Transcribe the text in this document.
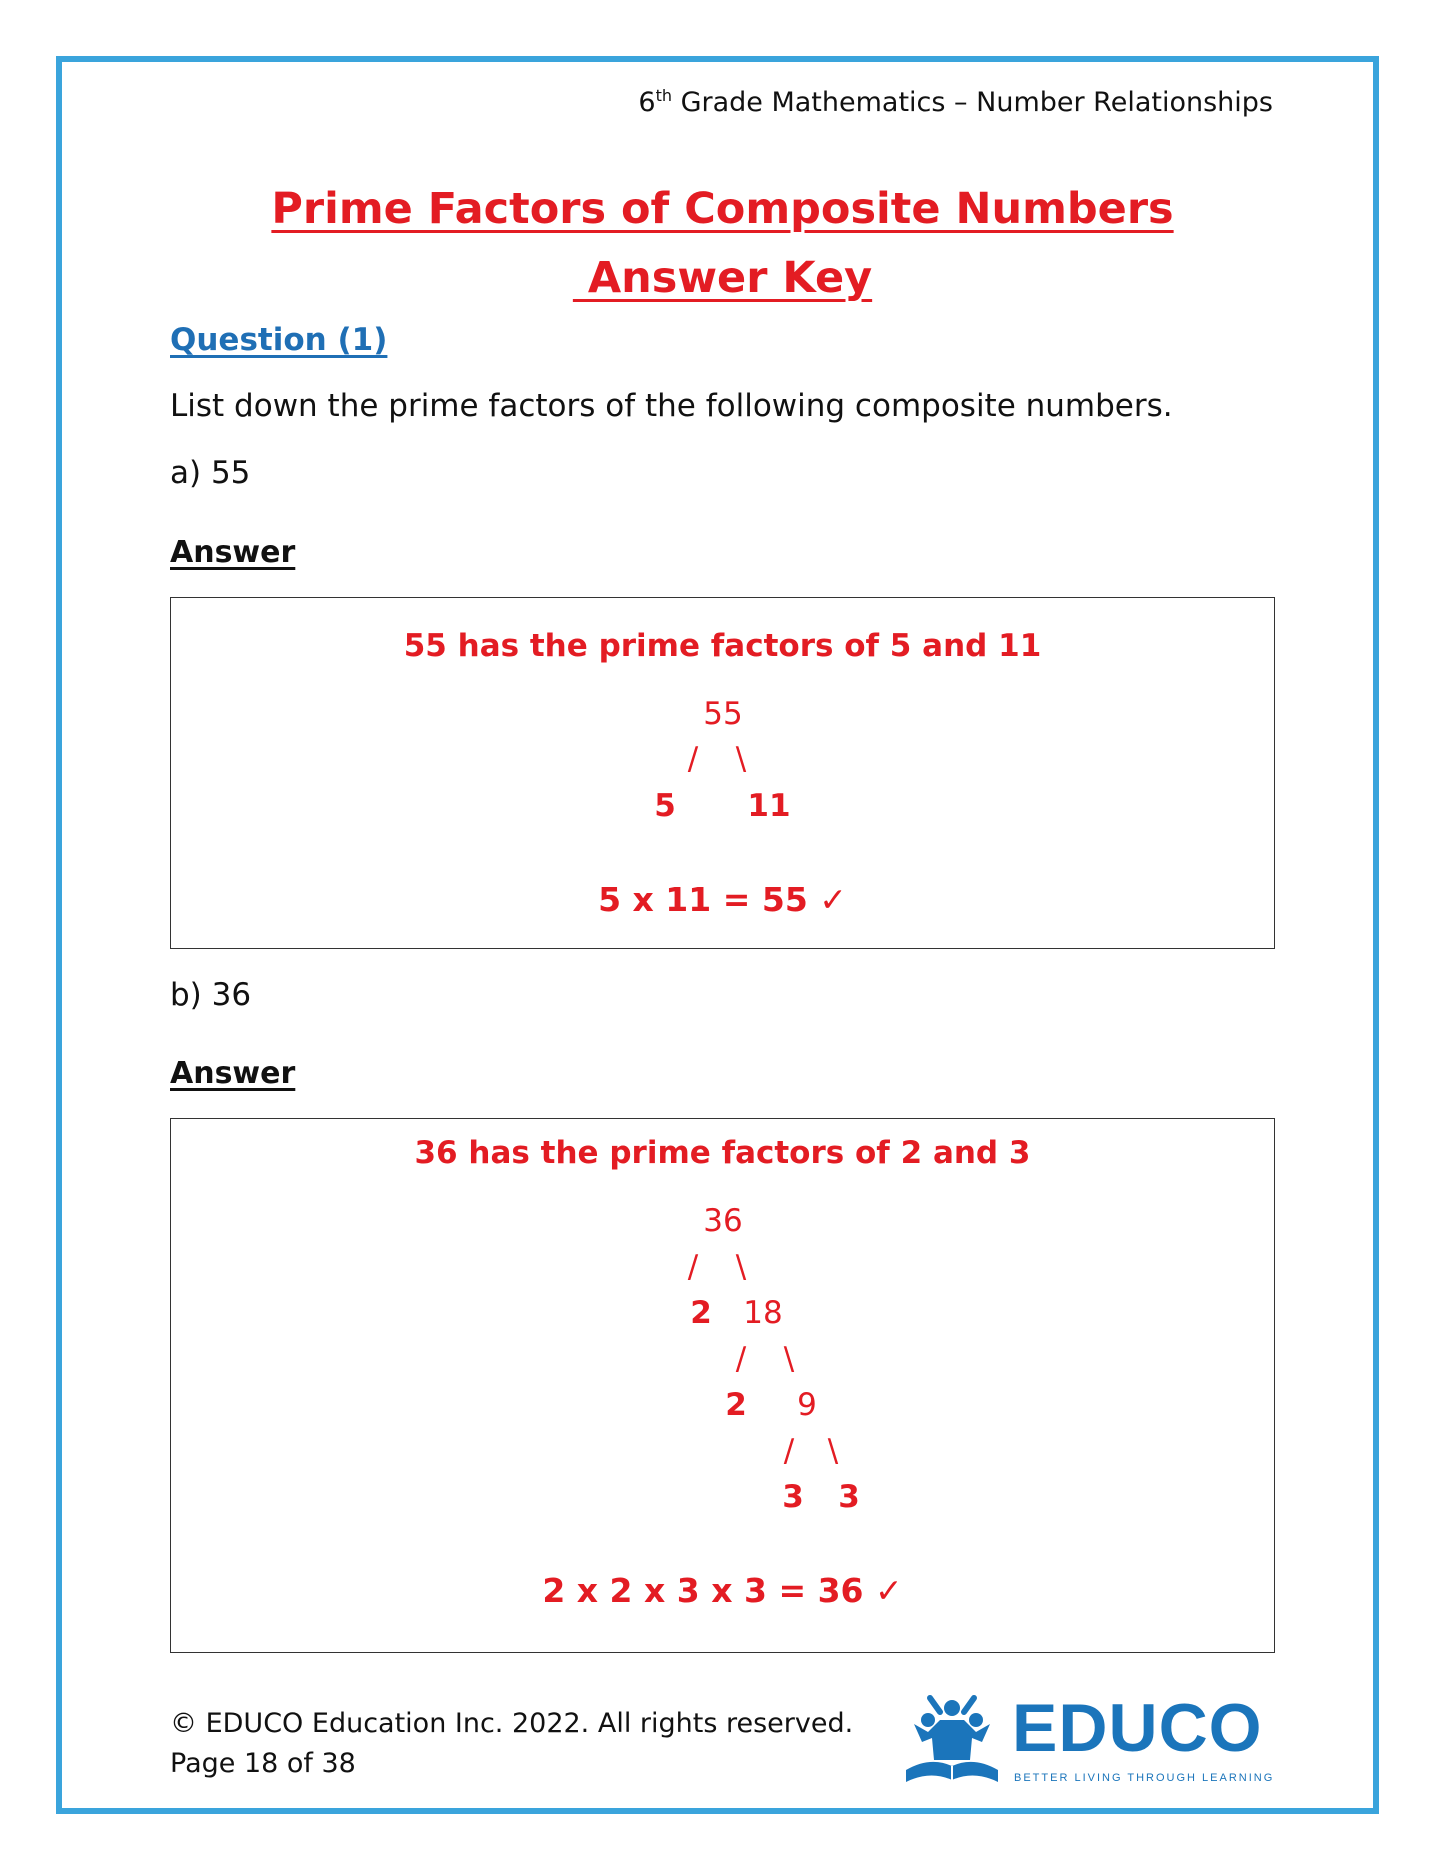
6th Grade Mathematics – Number Relationships
Prime Factors of Composite Numbers
Answer Key
Question (1)
List down the prime factors of the following composite numbers.
a) 55
Answer
55 has the prime factors of 5 and 11
55
/ \
5 11
5 x 11 = 55 ✓
b) 36
Answer
36 has the prime factors of 2 and 3
36
/ \
2 18
/ \
2 9
/ \
3 3
2 x 2 x 3 x 3 = 36 ✓
© EDUCO Education Inc. 2022. All rights reserved.
Page 18 of 38	EDUCO
BETTER LIVING THROUGH LEARNING
